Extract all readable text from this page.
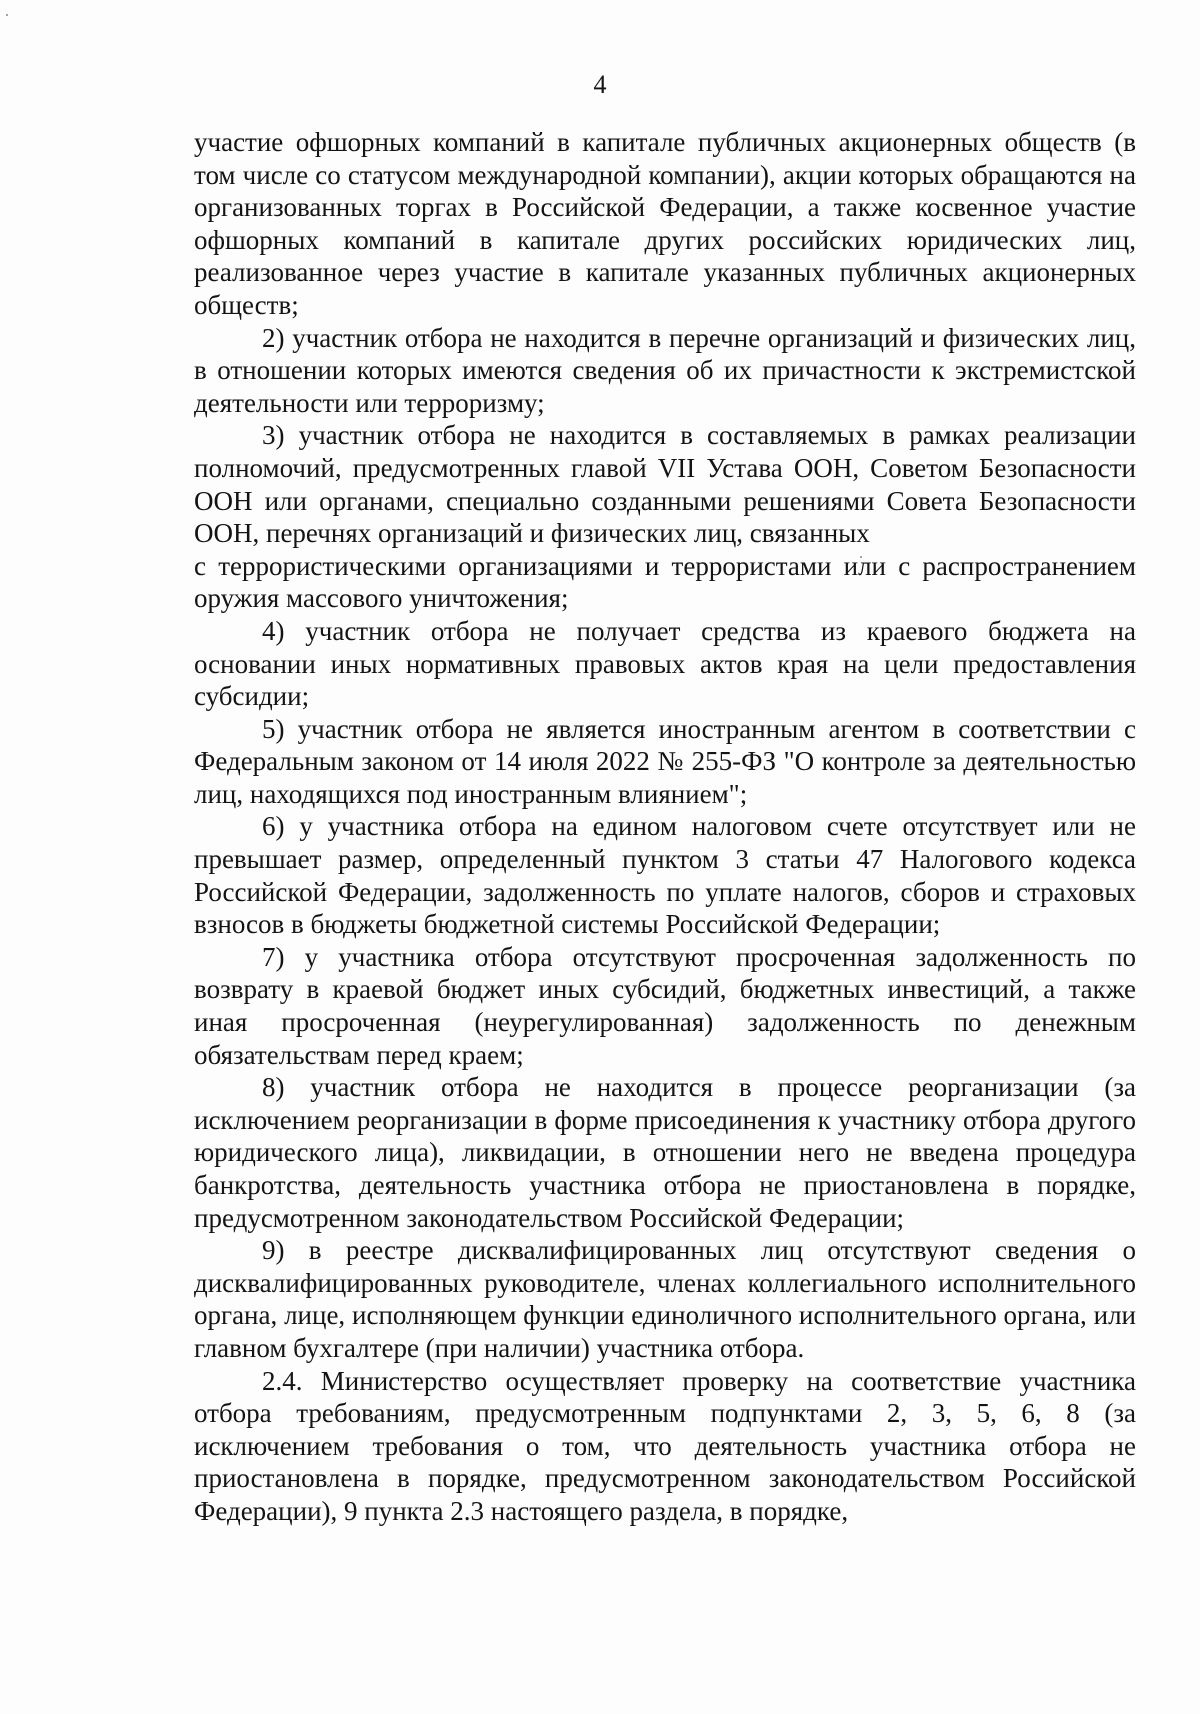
4

участие офшорных компаний в капитале публичных акционерных обществ (в том числе со статусом международной компании), акции которых обращаются на организованных торгах в Российской Федерации, а также косвенное участие офшорных компаний в капитале других российских юридических лиц, реализованное через участие в капитале указанных публичных акционерных обществ;

2) участник отбора не находится в перечне организаций и физических лиц, в отношении которых имеются сведения об их причастности к экстремистской деятельности или терроризму;

3) участник отбора не находится в составляемых в рамках реализации полномочий, предусмотренных главой VII Устава ООН, Советом Безопасности ООН или органами, специально созданными решениями Совета Безопасности ООН, перечнях организаций и физических лиц, связанных

с террористическими организациями и террористами или с распространением оружия массового уничтожения;

4) участник отбора не получает средства из краевого бюджета на основании иных нормативных правовых актов края на цели предоставления субсидии;

5) участник отбора не является иностранным агентом в соответствии с Федеральным законом от 14 июля 2022 № 255-ФЗ "О контроле за деятельностью лиц, находящихся под иностранным влиянием";

6) у участника отбора на едином налоговом счете отсутствует или не превышает размер, определенный пунктом 3 статьи 47 Налогового кодекса Российской Федерации, задолженность по уплате налогов, сборов и страховых взносов в бюджеты бюджетной системы Российской Федерации;

7) у участника отбора отсутствуют просроченная задолженность по возврату в краевой бюджет иных субсидий, бюджетных инвестиций, а также иная просроченная (неурегулированная) задолженность по денежным обязательствам перед краем;

8) участник отбора не находится в процессе реорганизации (за исключением реорганизации в форме присоединения к участнику отбора другого юридического лица), ликвидации, в отношении него не введена процедура банкротства, деятельность участника отбора не приостановлена в порядке, предусмотренном законодательством Российской Федерации;

9) в реестре дисквалифицированных лиц отсутствуют сведения о дисквалифицированных руководителе, членах коллегиального исполнительного органа, лице, исполняющем функции единоличного исполнительного органа, или главном бухгалтере (при наличии) участника отбора.

2.4. Министерство осуществляет проверку на соответствие участника отбора требованиям, предусмотренным подпунктами 2, 3, 5, 6, 8 (за исключением требования о том, что деятельность участника отбора не приостановлена в порядке, предусмотренном законодательством Российской Федерации), 9 пункта 2.3 настоящего раздела, в порядке,
